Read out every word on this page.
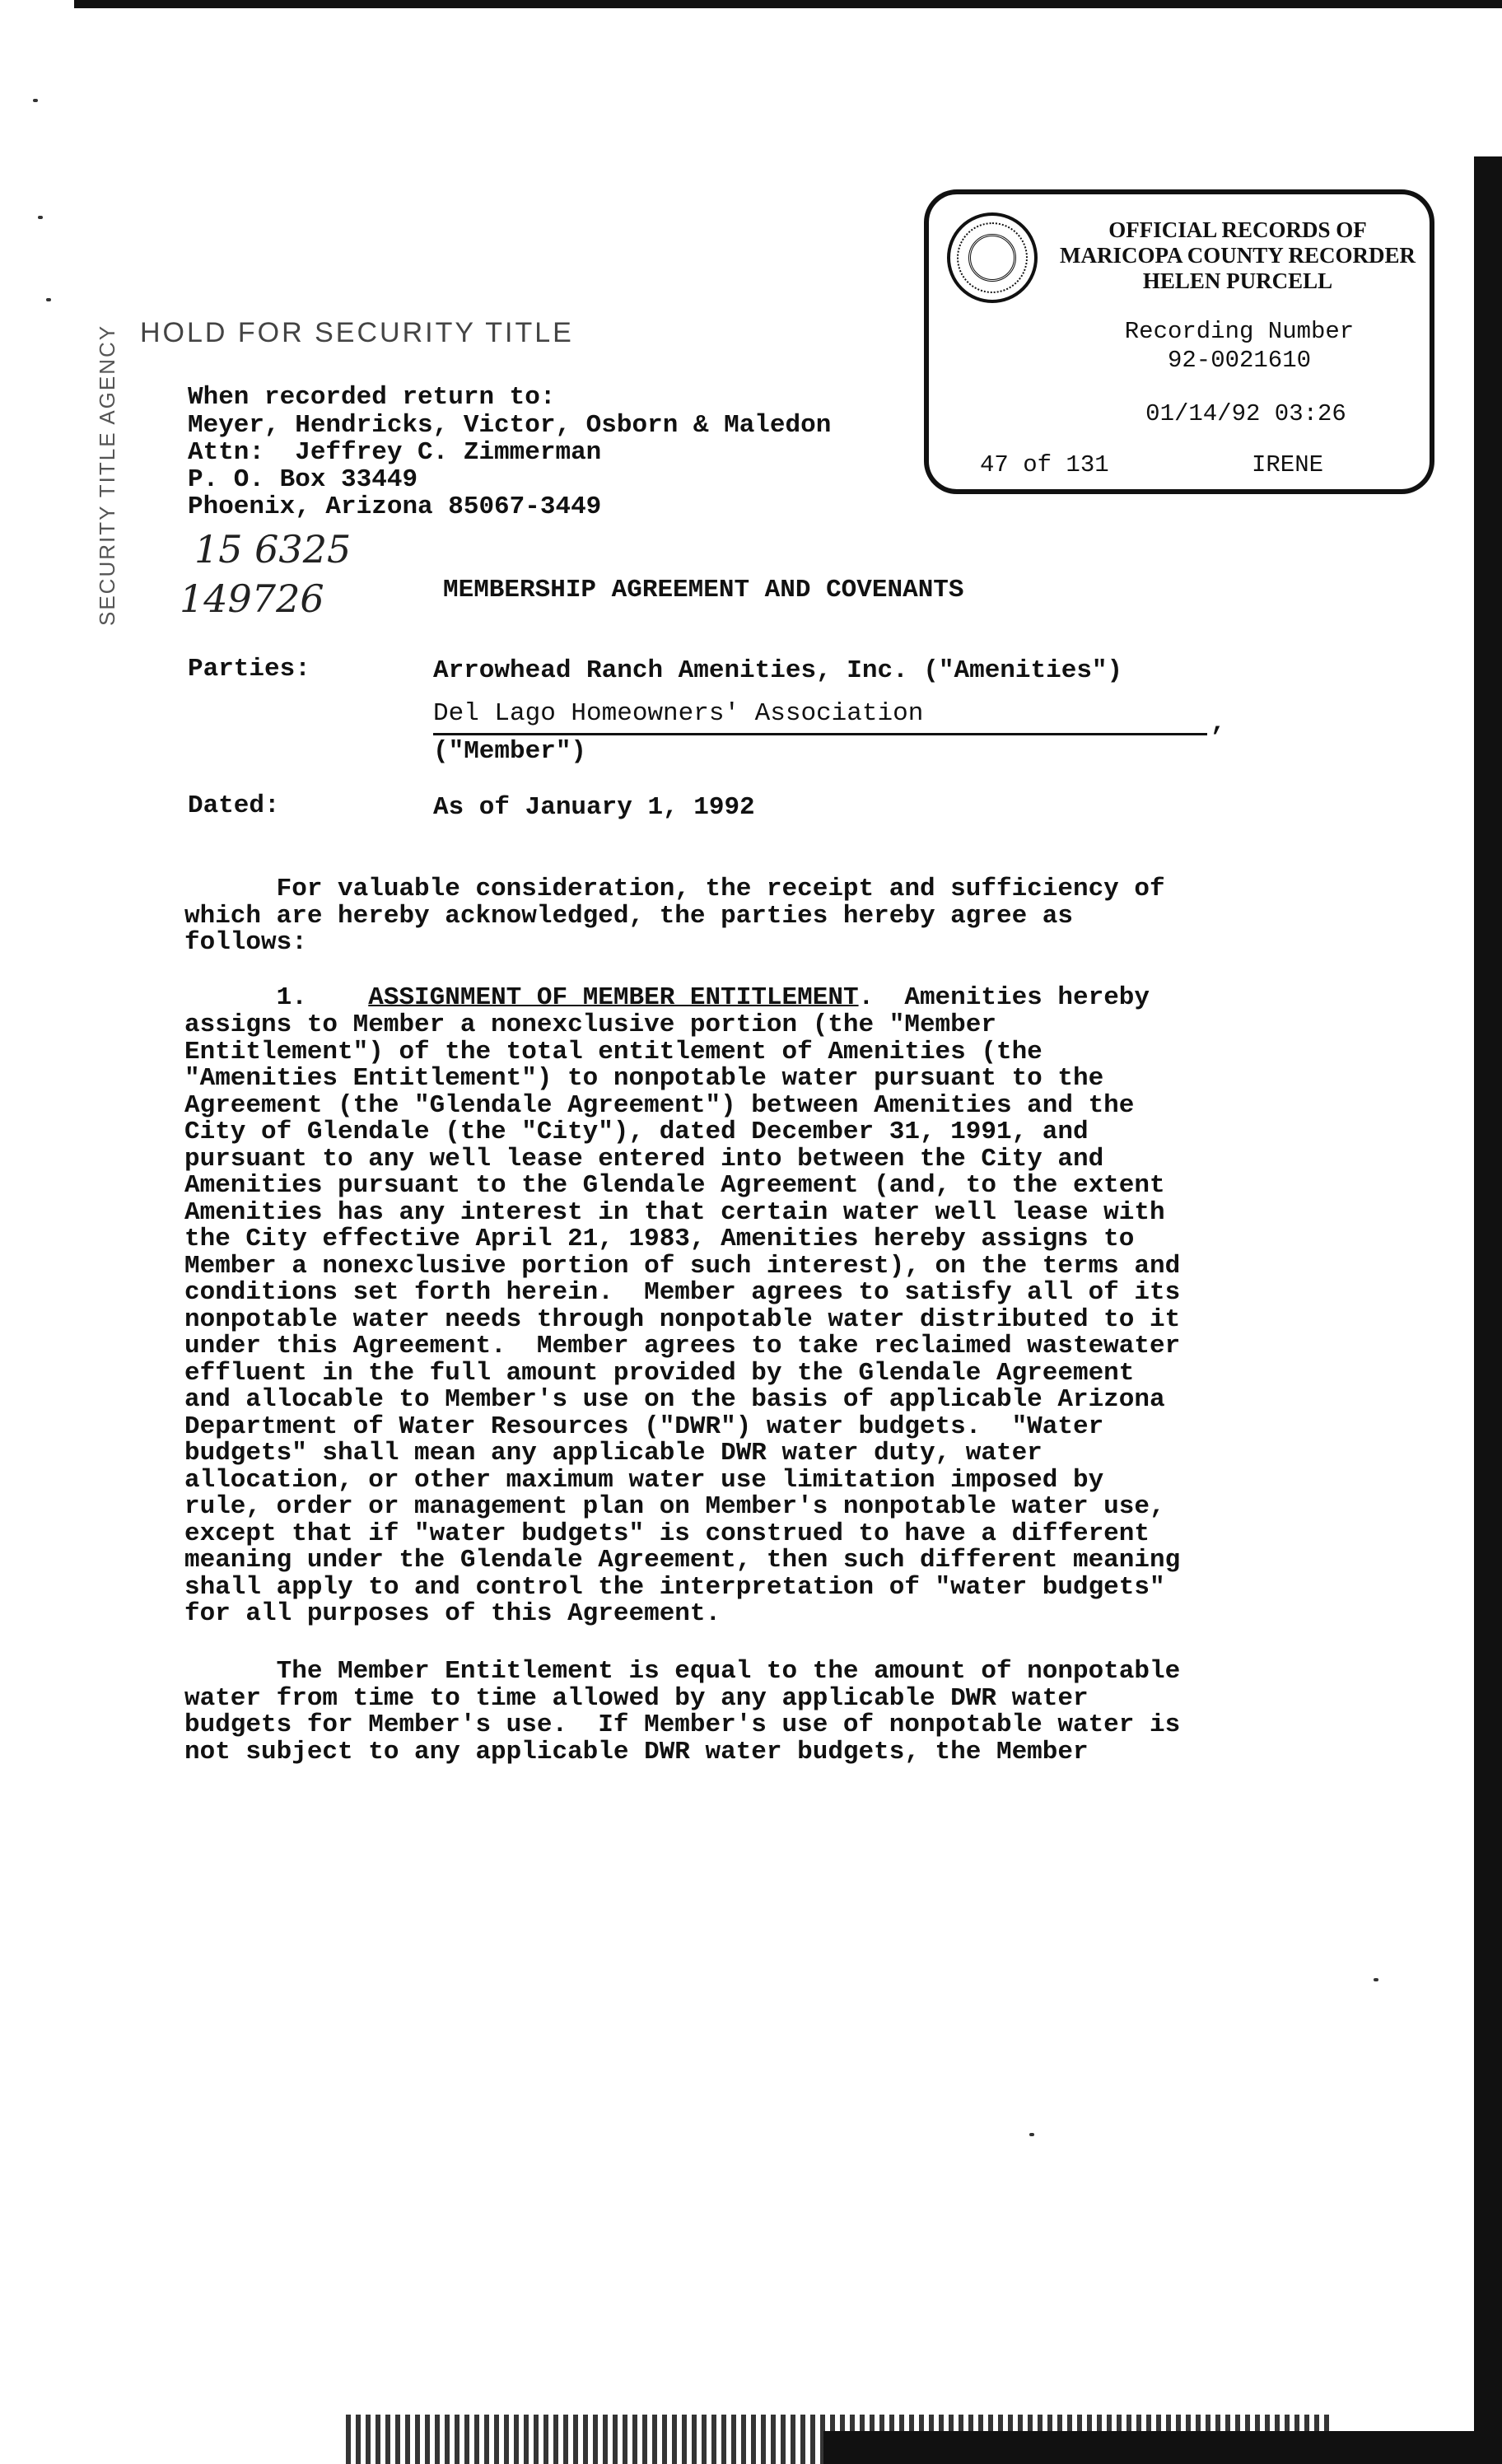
OFFICIAL RECORDS OF
MARICOPA COUNTY RECORDER
HELEN PURCELL
Recording Number
92-0021610
01/14/92 03:26
47 of 131	IRENE
HOLD FOR SECURITY TITLE
SECURITY TITLE AGENCY 15 6325
149726
When recorded return to:
Meyer, Hendricks, Victor, Osborn & Maledon
Attn:  Jeffrey C. Zimmerman
P. O. Box 33449
Phoenix, Arizona 85067-3449
MEMBERSHIP AGREEMENT AND COVENANTS
Parties:	Arrowhead Ranch Amenities, Inc. ("Amenities")
Del Lago Homeowners' Association	,
("Member")
Dated:	As of January 1, 1992
For valuable consideration, the receipt and sufficiency of
which are hereby acknowledged, the parties hereby agree as
follows:
1. ASSIGNMENT OF MEMBER ENTITLEMENT.  Amenities hereby
assigns to Member a nonexclusive portion (the "Member
Entitlement") of the total entitlement of Amenities (the
"Amenities Entitlement") to nonpotable water pursuant to the
Agreement (the "Glendale Agreement") between Amenities and the
City of Glendale (the "City"), dated December 31, 1991, and
pursuant to any well lease entered into between the City and
Amenities pursuant to the Glendale Agreement (and, to the extent
Amenities has any interest in that certain water well lease with
the City effective April 21, 1983, Amenities hereby assigns to
Member a nonexclusive portion of such interest), on the terms and
conditions set forth herein.  Member agrees to satisfy all of its
nonpotable water needs through nonpotable water distributed to it
under this Agreement.  Member agrees to take reclaimed wastewater
effluent in the full amount provided by the Glendale Agreement
and allocable to Member's use on the basis of applicable Arizona
Department of Water Resources ("DWR") water budgets.  "Water
budgets" shall mean any applicable DWR water duty, water
allocation, or other maximum water use limitation imposed by
rule, order or management plan on Member's nonpotable water use,
except that if "water budgets" is construed to have a different
meaning under the Glendale Agreement, then such different meaning
shall apply to and control the interpretation of "water budgets"
for all purposes of this Agreement.
The Member Entitlement is equal to the amount of nonpotable
water from time to time allowed by any applicable DWR water
budgets for Member's use.  If Member's use of nonpotable water is
not subject to any applicable DWR water budgets, the Member
